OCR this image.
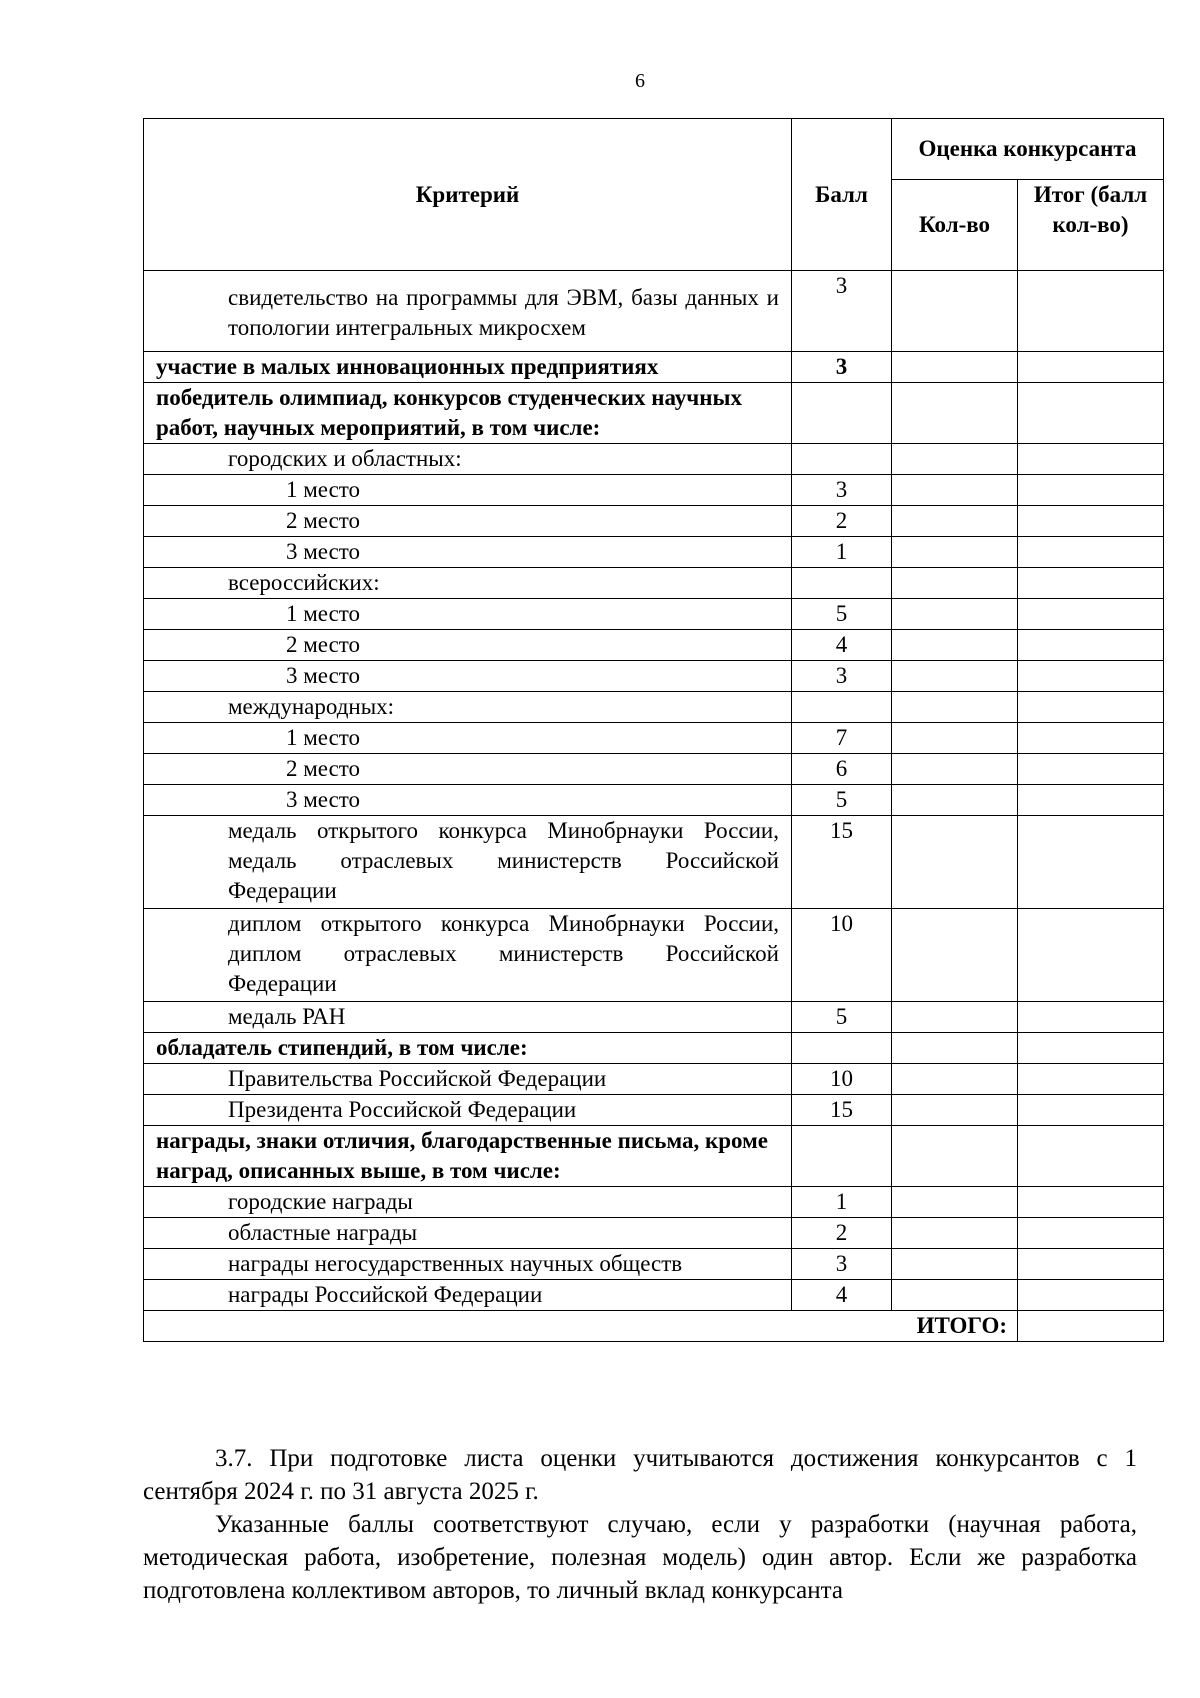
6
Критерий	Балл	Оценка конкурсанта	
		Кол-во	Итог (балл кол-во)
свидетельство на программы для ЭВМ, базы данных и топологии интегральных микросхем	3		
участие в малых инновационных предприятиях	3		
победитель олимпиад, конкурсов студенческих научных работ, научных мероприятий, в том числе:			
городских и областных:			
1 место	3		
2 место	2		
3 место	1		
всероссийских:			
1 место	5		
2 место	4		
3 место	3		
международных:			
1 место	7		
2 место	6		
3 место	5		
медаль открытого конкурса Минобрнауки России, медаль отраслевых министерств Российской Федерации	15		
диплом открытого конкурса Минобрнауки России, диплом отраслевых министерств Российской Федерации	10		
медаль РАН	5		
обладатель стипендий, в том числе:			
Правительства Российской Федерации	10		
Президента Российской Федерации	15		
награды, знаки отличия, благодарственные письма, кроме наград, описанных выше, в том числе:			
городские награды	1		
областные награды	2		
награды негосударственных научных обществ	3		
награды Российской Федерации	4		
ИТОГО:			

3.7. При подготовке листа оценки учитываются достижения конкурсантов с 1 сентября 2024 г. по 31 августа 2025 г.

Указанные баллы соответствуют случаю, если у разработки (научная работа, методическая работа, изобретение, полезная модель) один автор. Если же разработка подготовлена коллективом авторов, то личный вклад конкурсанта
